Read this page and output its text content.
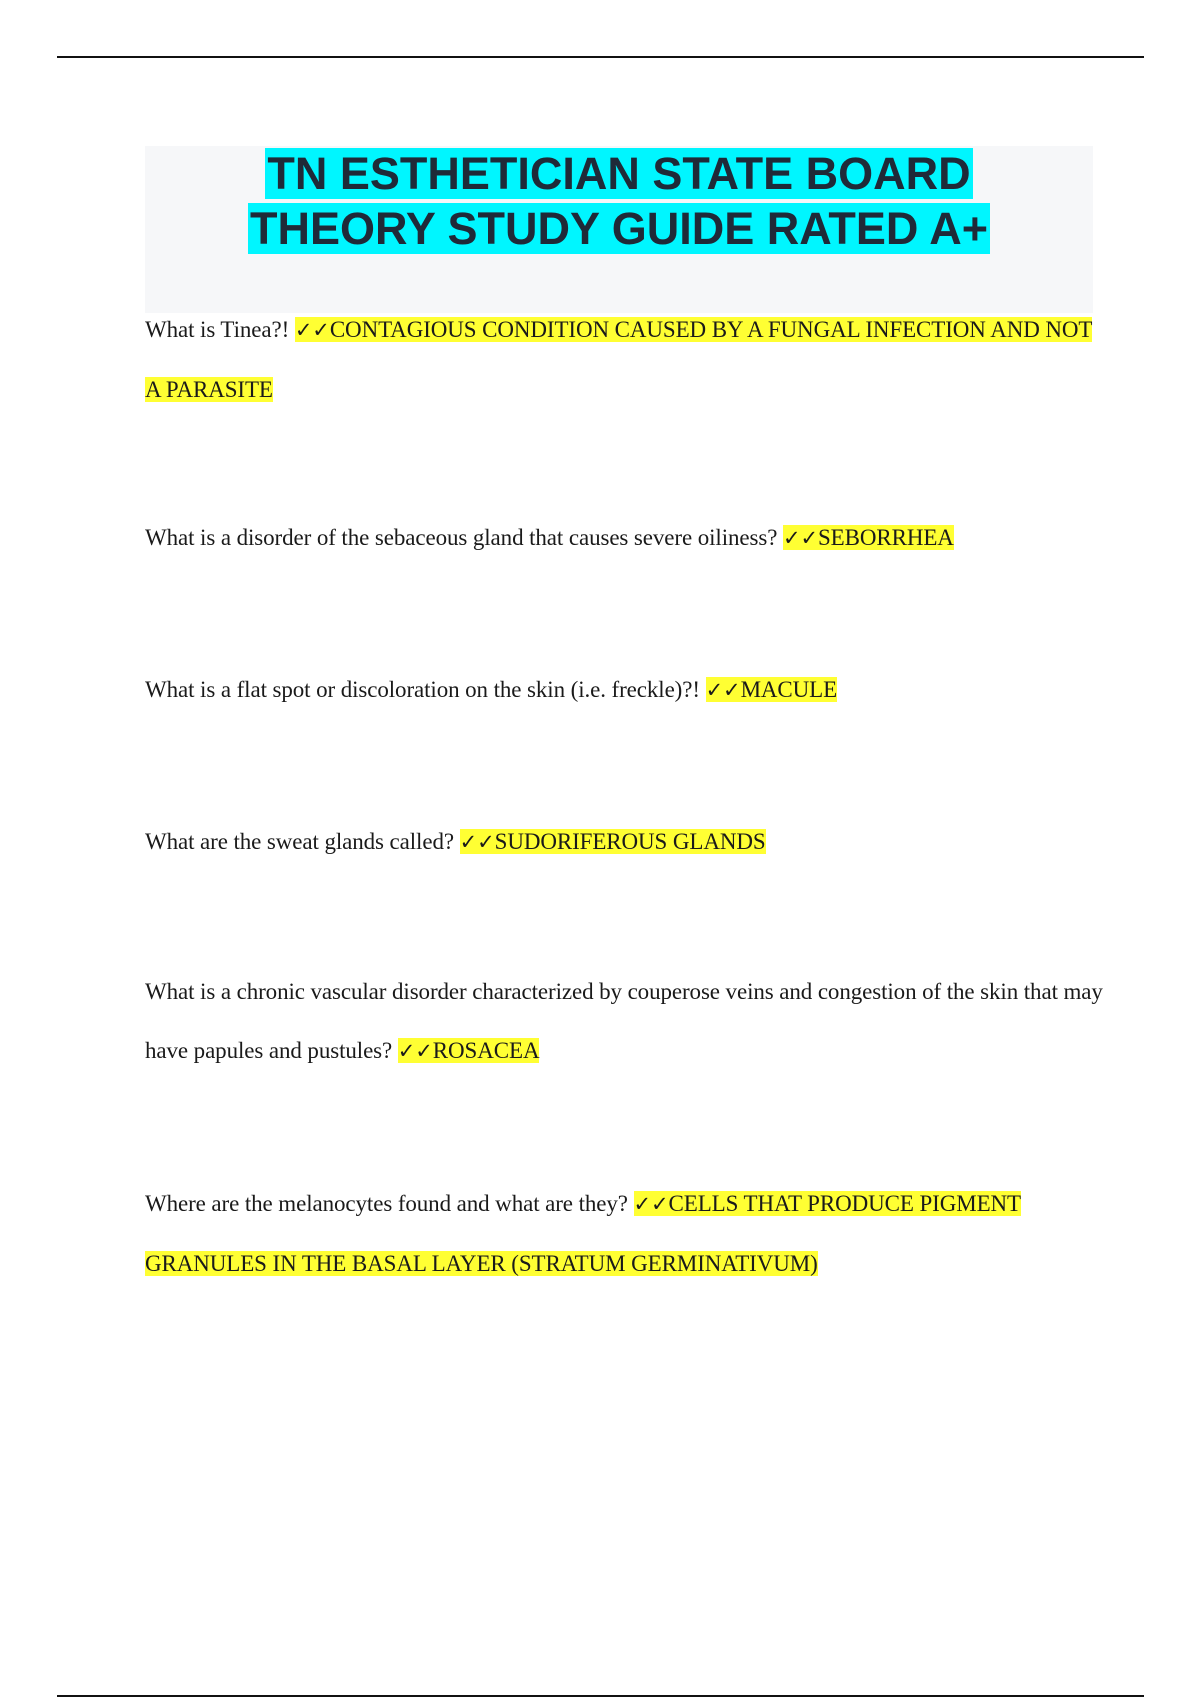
TN ESTHETICIAN STATE BOARD
THEORY STUDY GUIDE RATED A+

What is Tinea?! ✓✓CONTAGIOUS CONDITION CAUSED BY A FUNGAL INFECTION AND NOT A PARASITE

What is a disorder of the sebaceous gland that causes severe oiliness? ✓✓SEBORRHEA

What is a flat spot or discoloration on the skin (i.e. freckle)?! ✓✓MACULE

What are the sweat glands called? ✓✓SUDORIFEROUS GLANDS

What is a chronic vascular disorder characterized by couperose veins and congestion of the skin that may have papules and pustules? ✓✓ROSACEA

Where are the melanocytes found and what are they? ✓✓CELLS THAT PRODUCE PIGMENT GRANULES IN THE BASAL LAYER (STRATUM GERMINATIVUM)
